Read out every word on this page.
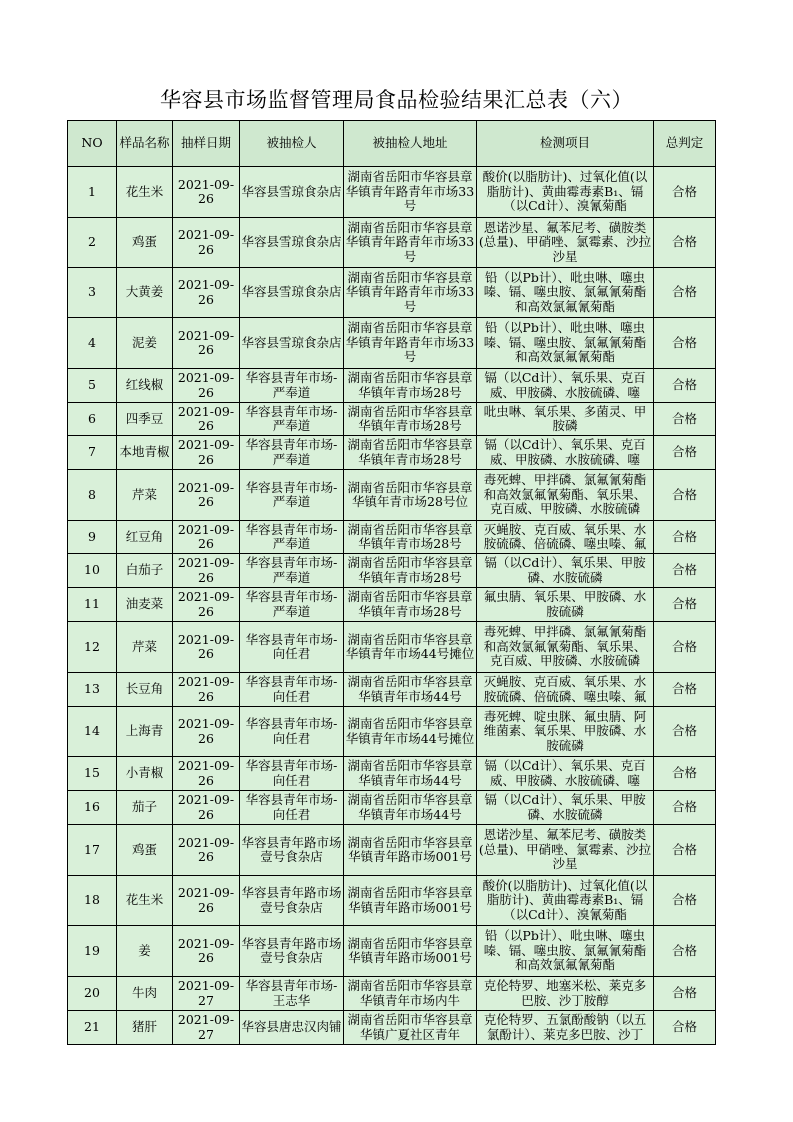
华容县市场监督管理局食品检验结果汇总表（六）
NO	样品名称	抽样日期	被抽检人	被抽检人地址	检测项目	总判定

1	花生米	2021-09-26	华容县雪琼食杂店	湖南省岳阳市华容县章华镇青年路青年市场33号	酸价(以脂肪计)、过氧化值(以脂肪计)、黄曲霉毒素B₁、镉（以Cd计）、溴氰菊酯	合格

2	鸡蛋	2021-09-26	华容县雪琼食杂店	湖南省岳阳市华容县章华镇青年路青年市场33号	恩诺沙星、氟苯尼考、磺胺类(总量)、甲硝唑、氯霉素、沙拉沙星	合格

3	大黄姜	2021-09-26	华容县雪琼食杂店	湖南省岳阳市华容县章华镇青年路青年市场33号	铅（以Pb计）、吡虫啉、噻虫嗪、镉、噻虫胺、氯氟氰菊酯和高效氯氟氰菊酯	合格

4	泥姜	2021-09-26	华容县雪琼食杂店	湖南省岳阳市华容县章华镇青年路青年市场33号	铅（以Pb计）、吡虫啉、噻虫嗪、镉、噻虫胺、氯氟氰菊酯和高效氯氟氰菊酯	合格

5	红线椒	2021-09-26	华容县青年市场-严奉道	湖南省岳阳市华容县章华镇年青市场28号	镉（以Cd计）、氧乐果、克百威、甲胺磷、水胺硫磷、噻	合格

6	四季豆	2021-09-26	华容县青年市场-严奉道	湖南省岳阳市华容县章华镇年青市场28号	吡虫啉、氧乐果、多菌灵、甲胺磷	合格

7	本地青椒	2021-09-26	华容县青年市场-严奉道	湖南省岳阳市华容县章华镇年青市场28号	镉（以Cd计）、氧乐果、克百威、甲胺磷、水胺硫磷、噻	合格

8	芹菜	2021-09-26	华容县青年市场-严奉道	湖南省岳阳市华容县章华镇年青市场28号位	毒死蜱、甲拌磷、氯氟氰菊酯和高效氯氟氰菊酯、氧乐果、克百威、甲胺磷、水胺硫磷	合格

9	红豆角	2021-09-26	华容县青年市场-严奉道	湖南省岳阳市华容县章华镇年青市场28号	灭蝇胺、克百威、氧乐果、水胺硫磷、倍硫磷、噻虫嗪、氟	合格

10	白茄子	2021-09-26	华容县青年市场-严奉道	湖南省岳阳市华容县章华镇年青市场28号	镉（以Cd计）、氧乐果、甲胺磷、水胺硫磷	合格

11	油麦菜	2021-09-26	华容县青年市场-严奉道	湖南省岳阳市华容县章华镇年青市场28号	氟虫腈、氧乐果、甲胺磷、水胺硫磷	合格

12	芹菜	2021-09-26	华容县青年市场-向任君	湖南省岳阳市华容县章华镇青年市场44号摊位	毒死蜱、甲拌磷、氯氟氰菊酯和高效氯氟氰菊酯、氧乐果、克百威、甲胺磷、水胺硫磷	合格

13	长豆角	2021-09-26	华容县青年市场-向任君	湖南省岳阳市华容县章华镇青年市场44号	灭蝇胺、克百威、氧乐果、水胺硫磷、倍硫磷、噻虫嗪、氟	合格

14	上海青	2021-09-26	华容县青年市场-向任君	湖南省岳阳市华容县章华镇青年市场44号摊位	毒死蜱、啶虫脒、氟虫腈、阿维菌素、氧乐果、甲胺磷、水胺硫磷	合格

15	小青椒	2021-09-26	华容县青年市场-向任君	湖南省岳阳市华容县章华镇青年市场44号	镉（以Cd计）、氧乐果、克百威、甲胺磷、水胺硫磷、噻	合格

16	茄子	2021-09-26	华容县青年市场-向任君	湖南省岳阳市华容县章华镇青年市场44号	镉（以Cd计）、氧乐果、甲胺磷、水胺硫磷	合格

17	鸡蛋	2021-09-26	华容县青年路市场壹号食杂店	湖南省岳阳市华容县章华镇青年路市场001号	恩诺沙星、氟苯尼考、磺胺类(总量)、甲硝唑、氯霉素、沙拉沙星	合格

18	花生米	2021-09-26	华容县青年路市场壹号食杂店	湖南省岳阳市华容县章华镇青年路市场001号	酸价(以脂肪计)、过氧化值(以脂肪计)、黄曲霉毒素B₁、镉（以Cd计）、溴氰菊酯	合格

19	姜	2021-09-26	华容县青年路市场壹号食杂店	湖南省岳阳市华容县章华镇青年路市场001号	铅（以Pb计）、吡虫啉、噻虫嗪、镉、噻虫胺、氯氟氰菊酯和高效氯氟氰菊酯	合格

20	牛肉	2021-09-27	华容县青年市场-王志华	湖南省岳阳市华容县章华镇青年市场内牛	克伦特罗、地塞米松、莱克多巴胺、沙丁胺醇	合格

21	猪肝	2021-09-27	华容县唐忠汉肉铺	湖南省岳阳市华容县章华镇广夏社区青年	克伦特罗、五氯酚酸钠（以五氯酚计）、莱克多巴胺、沙丁	合格
